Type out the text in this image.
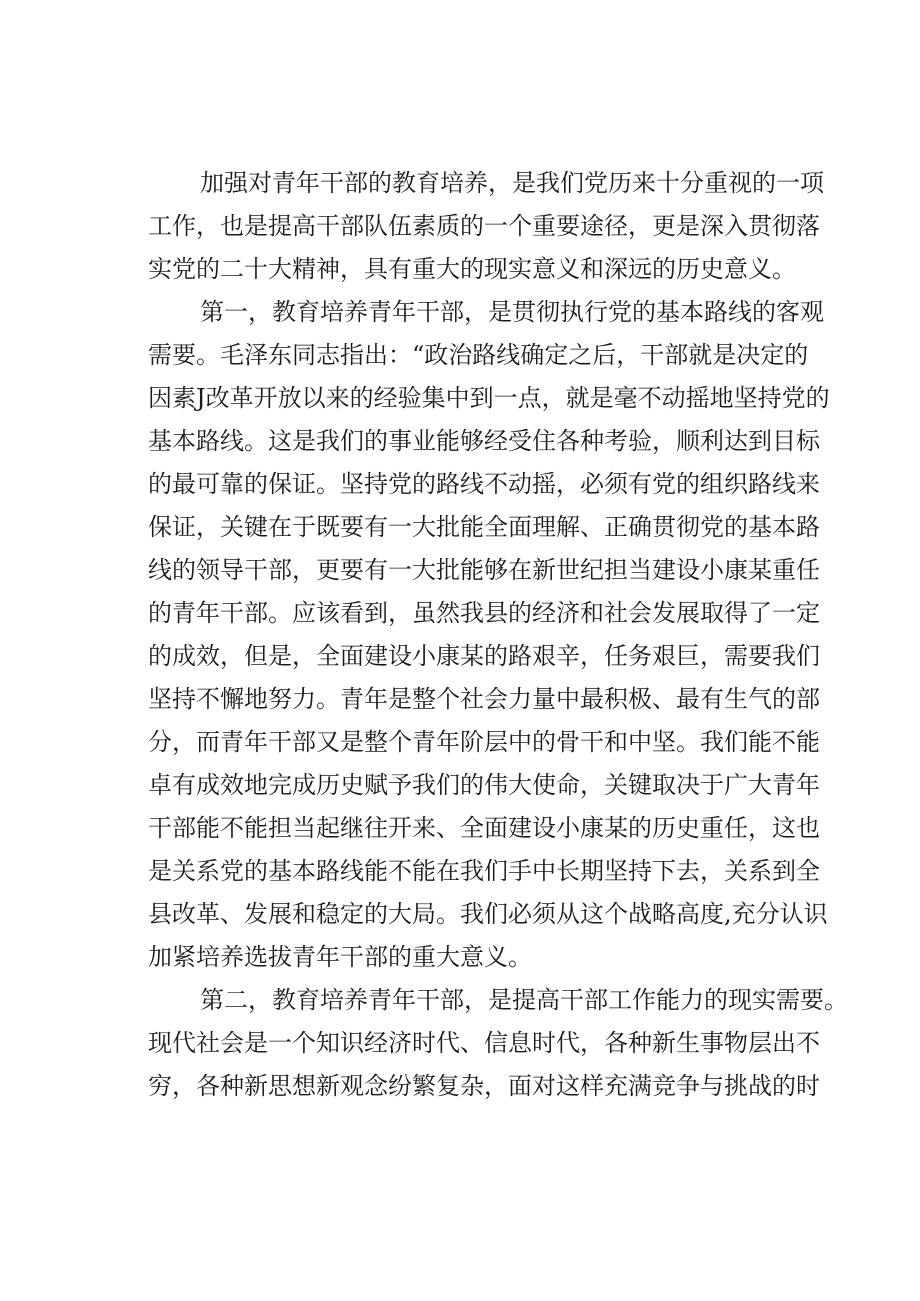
加强对青年干部的教育培养，是我们党历来十分重视的一项
工作，也是提高干部队伍素质的一个重要途径，更是深入贯彻落
实党的二十大精神，具有重大的现实意义和深远的历史意义。
第一，教育培养青年干部，是贯彻执行党的基本路线的客观
需要。毛泽东同志指出：“政治路线确定之后，干部就是决定的
因素J改革开放以来的经验集中到一点，就是毫不动摇地坚持党的
基本路线。这是我们的事业能够经受住各种考验，顺利达到目标
的最可靠的保证。坚持党的路线不动摇，必须有党的组织路线来
保证，关键在于既要有一大批能全面理解、正确贯彻党的基本路
线的领导干部，更要有一大批能够在新世纪担当建设小康某重任
的青年干部。应该看到，虽然我县的经济和社会发展取得了一定
的成效，但是，全面建设小康某的路艰辛，任务艰巨，需要我们
坚持不懈地努力。青年是整个社会力量中最积极、最有生气的部
分，而青年干部又是整个青年阶层中的骨干和中坚。我们能不能
卓有成效地完成历史赋予我们的伟大使命，关键取决于广大青年
干部能不能担当起继往开来、全面建设小康某的历史重任，这也
是关系党的基本路线能不能在我们手中长期坚持下去，关系到全
县改革、发展和稳定的大局。我们必须从这个战略高度,充分认识
加紧培养选拔青年干部的重大意义。
第二，教育培养青年干部，是提高干部工作能力的现实需要。
现代社会是一个知识经济时代、信息时代，各种新生事物层出不
穷，各种新思想新观念纷繁复杂，面对这样充满竞争与挑战的时
